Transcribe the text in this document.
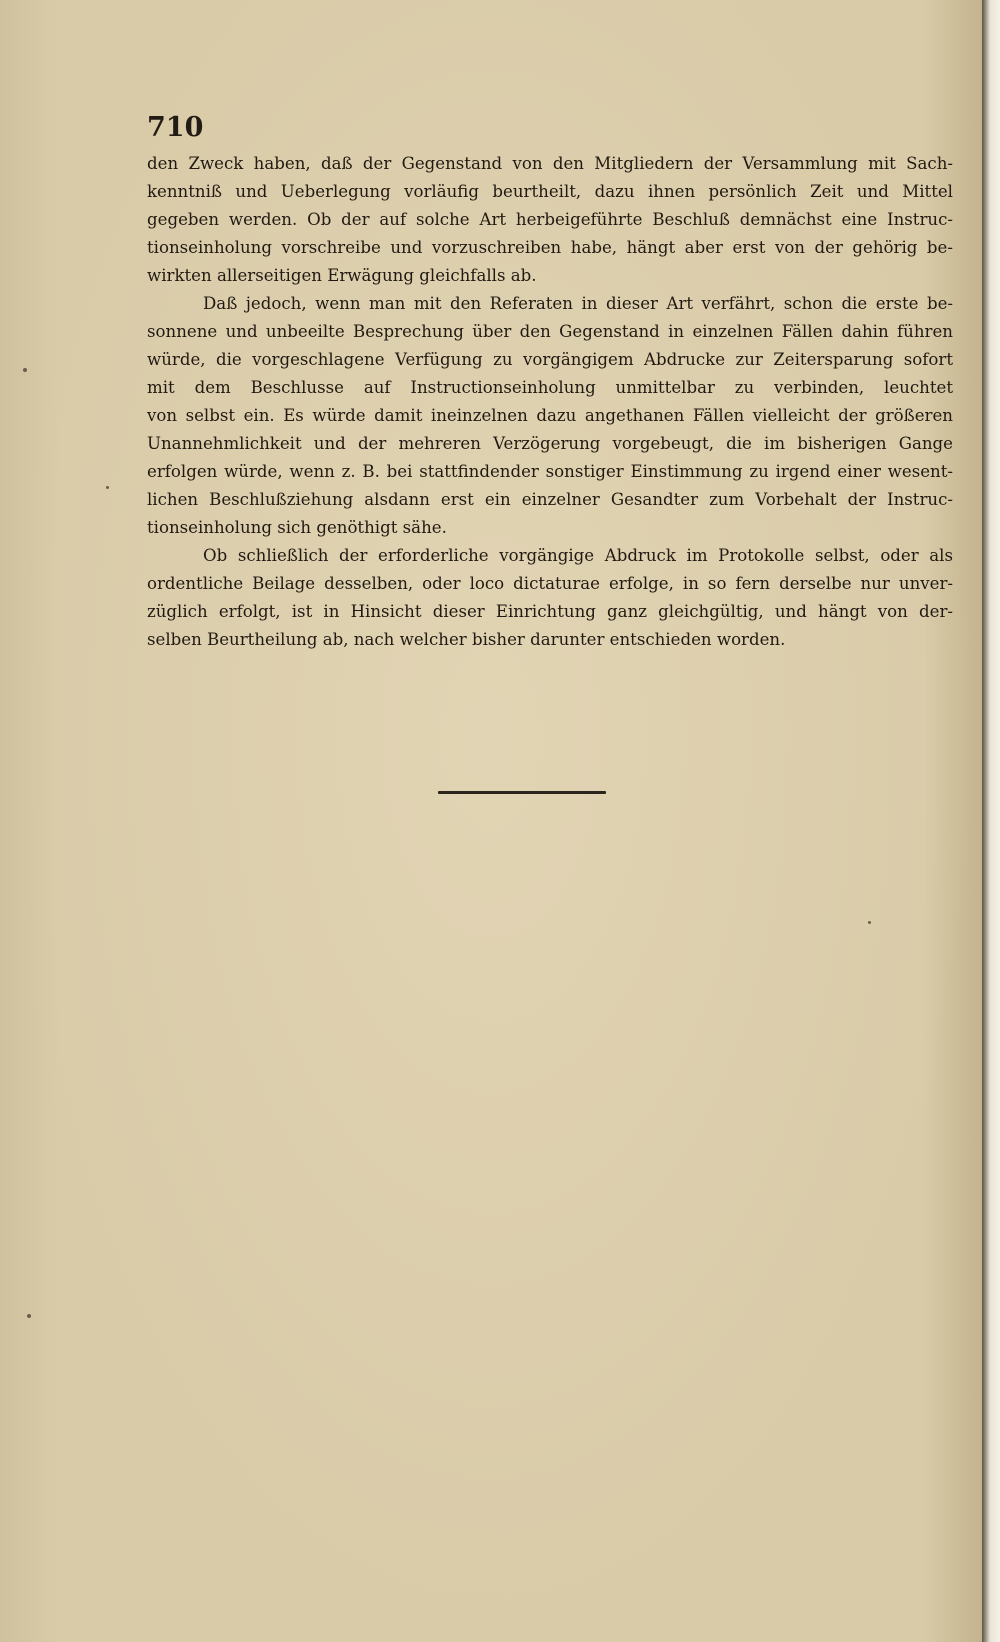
710

den Zweck haben, daß der Gegenstand von den Mitgliedern der Versammlung mit Sach-
kenntniß und Ueberlegung vorläufig beurtheilt, dazu ihnen persönlich Zeit und Mittel
gegeben werden. Ob der auf solche Art herbeigeführte Beschluß demnächst eine Instruc-
tionseinholung vorschreibe und vorzuschreiben habe, hängt aber erst von der gehörig be-
wirkten allerseitigen Erwägung gleichfalls ab.

Daß jedoch, wenn man mit den Referaten in dieser Art verfährt, schon die erste be-
sonnene und unbeeilte Besprechung über den Gegenstand in einzelnen Fällen dahin führen
würde, die vorgeschlagene Verfügung zu vorgängigem Abdrucke zur Zeitersparung sofort
mit dem Beschlusse auf Instructionseinholung unmittelbar zu verbinden, leuchtet
von selbst ein. Es würde damit ineinzelnen dazu angethanen Fällen vielleicht der größeren
Unannehmlichkeit und der mehreren Verzögerung vorgebeugt, die im bisherigen Gange
erfolgen würde, wenn z. B. bei stattfindender sonstiger Einstimmung zu irgend einer wesent-
lichen Beschlußziehung alsdann erst ein einzelner Gesandter zum Vorbehalt der Instruc-
tionseinholung sich genöthigt sähe.

Ob schließlich der erforderliche vorgängige Abdruck im Protokolle selbst, oder als
ordentliche Beilage desselben, oder loco dictaturae erfolge, in so fern derselbe nur unver-
züglich erfolgt, ist in Hinsicht dieser Einrichtung ganz gleichgültig, und hängt von der-
selben Beurtheilung ab, nach welcher bisher darunter entschieden worden.
